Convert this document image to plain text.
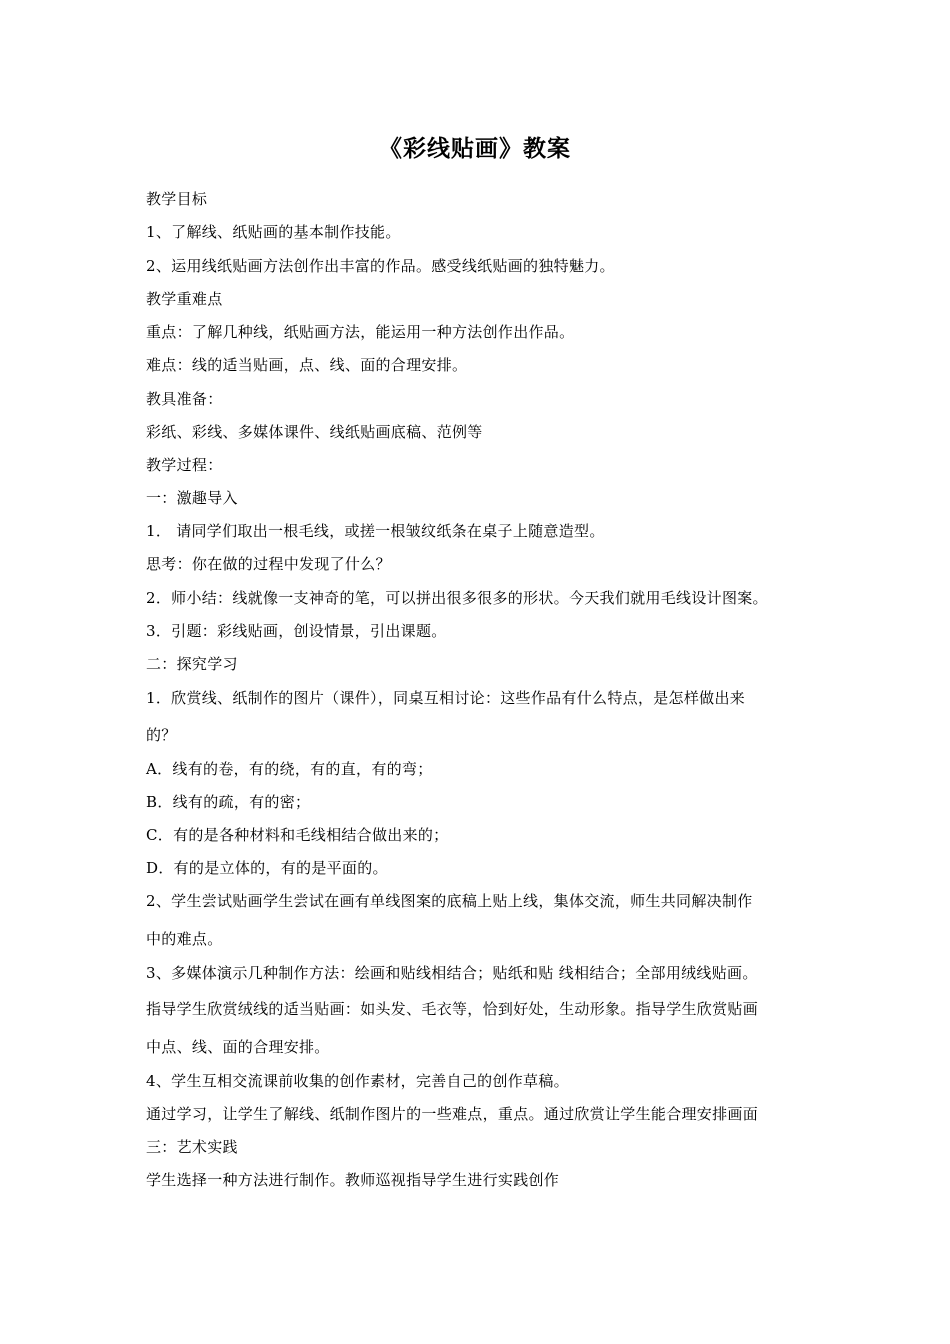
《彩线贴画》教案
教学目标
1、了解线、纸贴画的基本制作技能。
2、运用线纸贴画方法创作出丰富的作品。感受线纸贴画的独特魅力。
教学重难点
重点：了解几种线，纸贴画方法，能运用一种方法创作出作品。
难点：线的适当贴画，点、线、面的合理安排。
教具准备：
彩纸、彩线、多媒体课件、线纸贴画底稿、范例等
教学过程：
一：激趣导入
1． 请同学们取出一根毛线，或搓一根皱纹纸条在桌子上随意造型。
思考：你在做的过程中发现了什么？
2．师小结：线就像一支神奇的笔，可以拼出很多很多的形状。今天我们就用毛线设计图案。
3．引题：彩线贴画，创设情景，引出课题。
二：探究学习
1．欣赏线、纸制作的图片（课件），同桌互相讨论：这些作品有什么特点，是怎样做出来
的？
A．线有的卷，有的绕，有的直，有的弯；
B．线有的疏，有的密；
C．有的是各种材料和毛线相结合做出来的；
D．有的是立体的，有的是平面的。
2、学生尝试贴画学生尝试在画有单线图案的底稿上贴上线，集体交流，师生共同解决制作
中的难点。
3、多媒体演示几种制作方法：绘画和贴线相结合；贴纸和贴 线相结合；全部用绒线贴画。
指导学生欣赏绒线的适当贴画：如头发、毛衣等，恰到好处，生动形象。指导学生欣赏贴画
中点、线、面的合理安排。
4、学生互相交流课前收集的创作素材，完善自己的创作草稿。
通过学习，让学生了解线、纸制作图片的一些难点，重点。通过欣赏让学生能合理安排画面
三：艺术实践
学生选择一种方法进行制作。教师巡视指导学生进行实践创作
